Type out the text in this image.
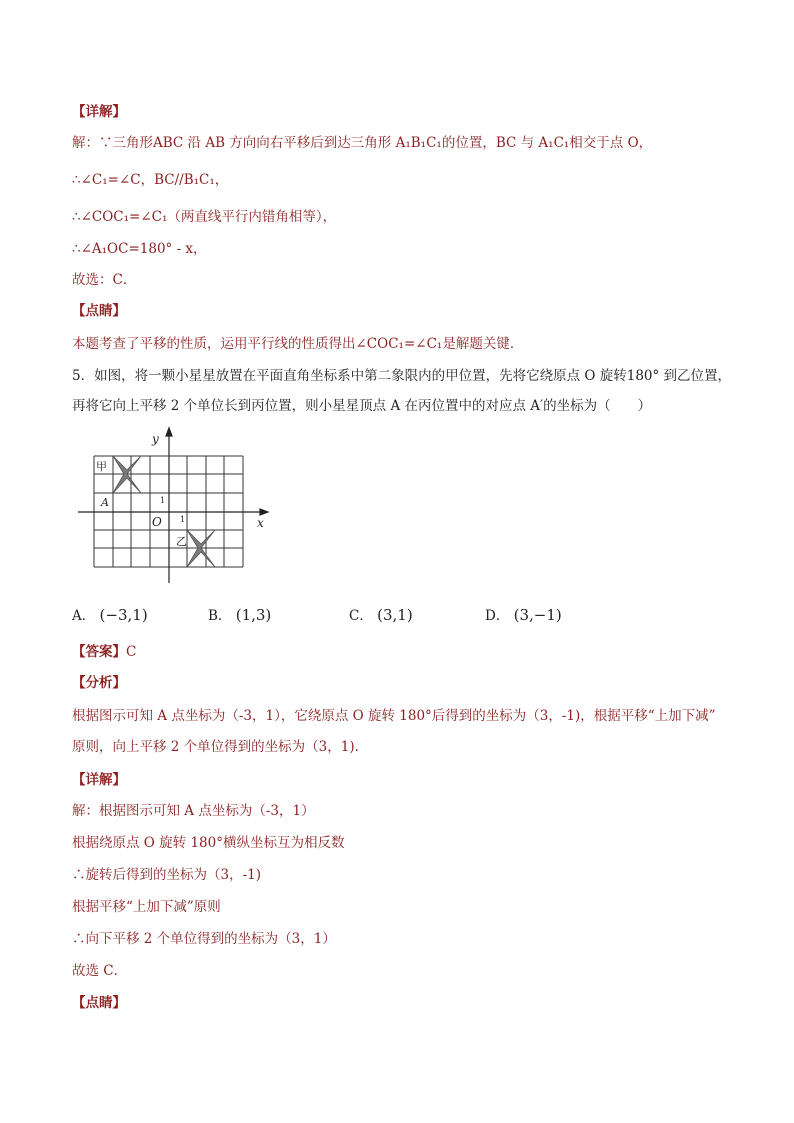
【详解】
解：∵三角形ABC 沿 AB 方向向右平移后到达三角形 A₁B₁C₁的位置，BC 与 A₁C₁相交于点 O，
∴∠C₁=∠C，BC//B₁C₁，
∴∠COC₁=∠C₁（两直线平行内错角相等），
∴∠A₁OC=180° - x，
故选：C．
【点睛】
本题考查了平移的性质，运用平行线的性质得出∠COC₁=∠C₁是解题关键．
5．如图，将一颗小星星放置在平面直角坐标系中第二象限内的甲位置，先将它绕原点 O 旋转180° 到乙位置，
再将它向上平移 2 个单位长到丙位置，则小星星顶点 A 在丙位置中的对应点 A′的坐标为（　　）
甲
乙
A
O
1
1
y
x
A． (−3,1)	B． (1,3)	C． (3,1)	D． (3,−1)
【答案】C
【分析】
根据图示可知 A 点坐标为（-3，1），它绕原点 O 旋转 180°后得到的坐标为（3，-1)，根据平移“上加下减”
原则，向上平移 2 个单位得到的坐标为（3，1)．
【详解】
解：根据图示可知 A 点坐标为（-3，1）
根据绕原点 O 旋转 180°横纵坐标互为相反数
∴旋转后得到的坐标为（3，-1)
根据平移“上加下减”原则
∴向下平移 2 个单位得到的坐标为（3，1）
故选 C．
【点睛】
